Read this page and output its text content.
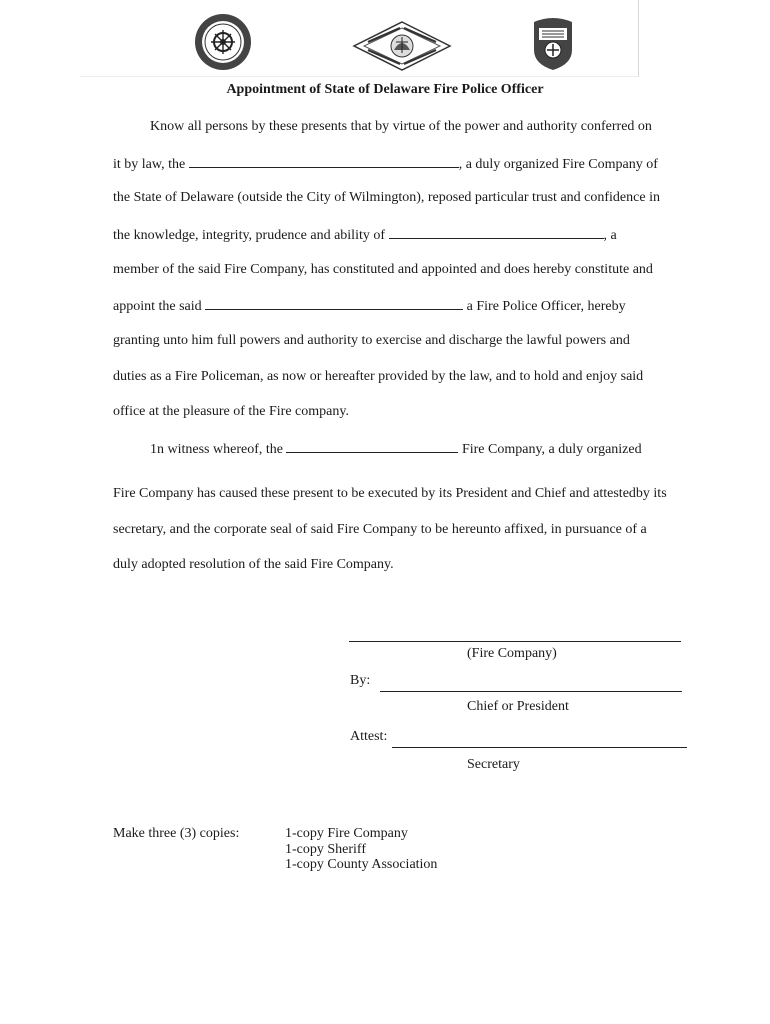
Appointment of State of Delaware Fire Police Officer
Know all persons by these presents that by virtue of the power and authority conferred on
it by law, the	, a duly organized Fire Company of
the State of Delaware (outside the City of Wilmington), reposed particular trust and confidence in
the knowledge, integrity, prudence and ability of	, a
member of the said Fire Company, has constituted and appointed and does hereby constitute and
appoint the said	a Fire Police Officer, hereby
granting unto him full powers and authority to exercise and discharge the lawful powers and
duties as a Fire Policeman, as now or hereafter provided by the law, and to hold and enjoy said
office at the pleasure of the Fire company.
1n witness whereof, the	Fire Company, a duly organized
Fire Company has caused these present to be executed by its President and Chief and attestedby its
secretary, and the corporate seal of said Fire Company to be hereunto affixed, in pursuance of a
duly adopted resolution of the said Fire Company.
(Fire Company)
By:
Chief or President
Attest:
Secretary
Make three (3) copies:	1-copy Fire Company
1-copy Sheriff
1-copy County Association
